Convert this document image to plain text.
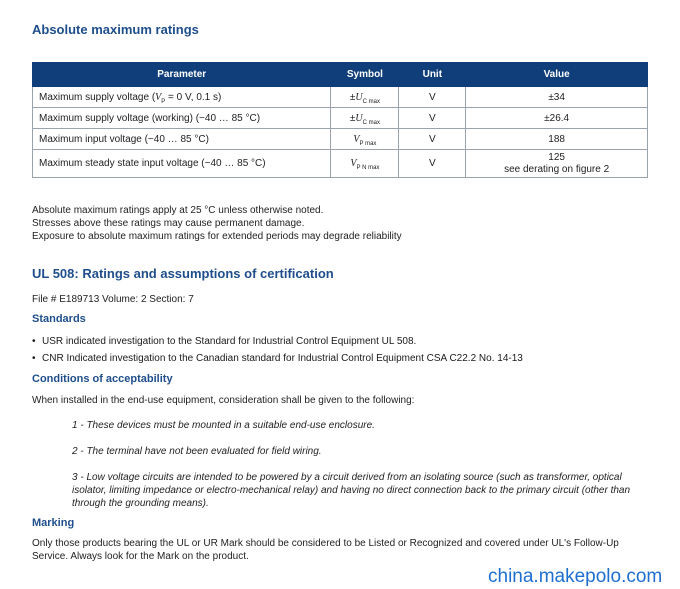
Absolute maximum ratings
Parameter	Symbol	Unit	Value
Maximum supply voltage ($V_P = 0$ V, 0.1 s)	$\pm U_{C max}$	V	±34
Maximum supply voltage (working) (−40 … 85 °C)	$\pm U_{C max}$	V	±26.4
Maximum input voltage (−40 … 85 °C)	$V_{P max}$	V	188
Maximum steady state input voltage (−40 … 85 °C)	$V_{P N max}$	V	125
see derating on figure 2
Absolute maximum ratings apply at 25 °C unless otherwise noted.
Stresses above these ratings may cause permanent damage.
Exposure to absolute maximum ratings for extended periods may degrade reliability
UL 508: Ratings and assumptions of certification
File # E189713 Volume: 2 Section: 7
Standards
• USR indicated investigation to the Standard for Industrial Control Equipment UL 508.
• CNR Indicated investigation to the Canadian standard for Industrial Control Equipment CSA C22.2 No. 14-13
Conditions of acceptability
When installed in the end-use equipment, consideration shall be given to the following:
1 - These devices must be mounted in a suitable end-use enclosure.
2 - The terminal have not been evaluated for field wiring.
3 - Low voltage circuits are intended to be powered by a circuit derived from an isolating source (such as transformer, optical isolator, limiting impedance or electro-mechanical relay) and having no direct connection back to the primary circuit (other than through the grounding means).
Marking
Only those products bearing the UL or UR Mark should be considered to be Listed or Recognized and covered under UL's Follow-Up Service. Always look for the Mark on the product.
china.makepolo.com
